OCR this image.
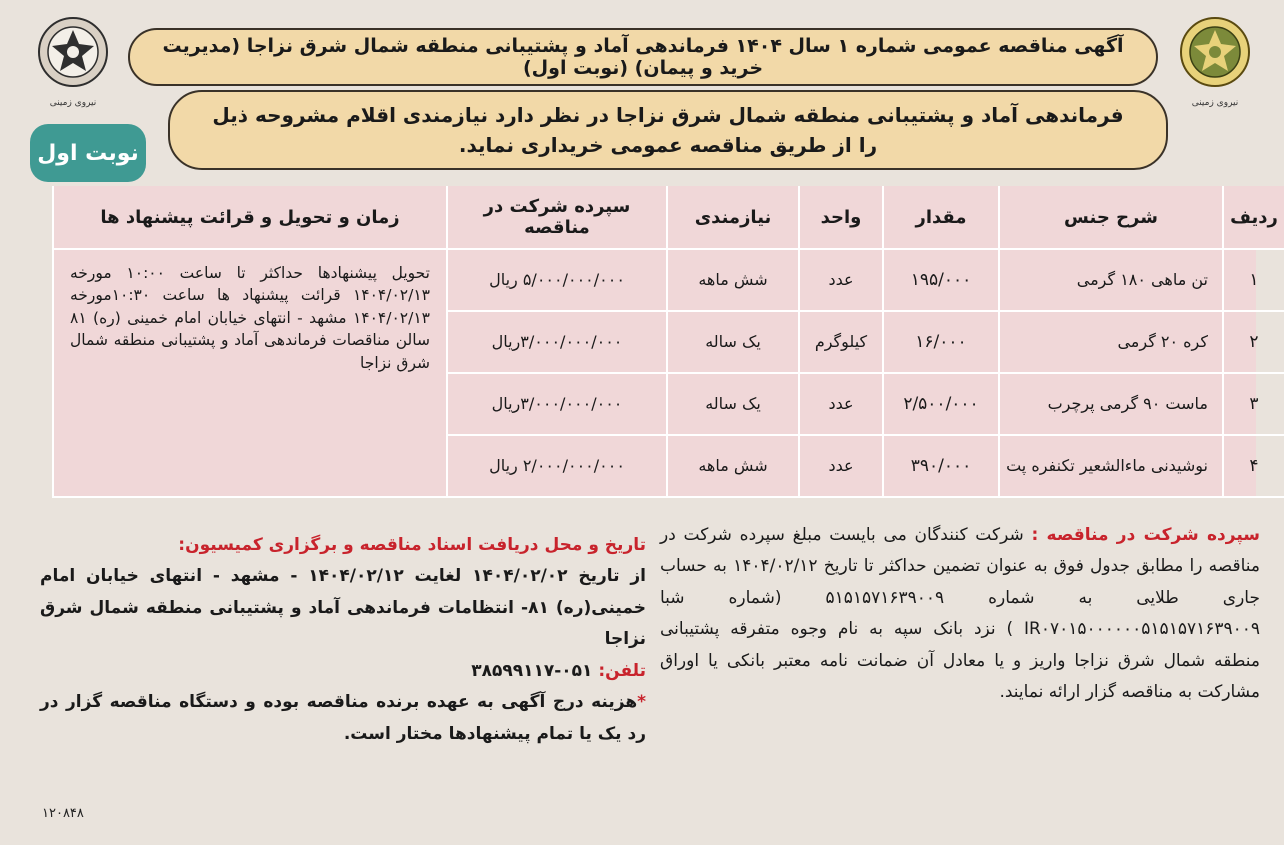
نیروی زمینی	نیروی زمینی
آگهی مناقصه عمومی شماره ۱ سال ۱۴۰۴ فرماندهی آماد و پشتیبانی منطقه شمال شرق نزاجا (مدیریت خرید و پیمان) (نوبت اول)
فرماندهی آماد و پشتیبانی منطقه شمال شرق نزاجا در نظر دارد نیازمندی اقلام مشروحه ذیل را از طریق مناقصه عمومی خریداری نماید.
نوبت اول
ردیف	شرح جنس	مقدار	واحد	نیازمندی	سپرده شرکت در مناقصه	زمان و تحویل و قرائت پیشنهاد ها
۱	تن ماهی ۱۸۰ گرمی	۱۹۵/۰۰۰	عدد	شش ماهه	۵/۰۰۰/۰۰۰/۰۰۰ ریال	تحویل پیشنهادها حداکثر تا ساعت ۱۰:۰۰ مورخه ۱۴۰۴/۰۲/۱۳ قرائت پیشنهاد ها ساعت ۱۰:۳۰مورخه ۱۴۰۴/۰۲/۱۳ مشهد - انتهای خیابان امام خمینی (ره) ۸۱ سالن مناقصات فرماندهی آماد و پشتیبانی منطقه شمال شرق نزاجا
۲	کره ۲۰ گرمی	۱۶/۰۰۰	کیلوگرم	یک ساله	۳/۰۰۰/۰۰۰/۰۰۰ریال	
۳	ماست ۹۰ گرمی پرچرب	۲/۵۰۰/۰۰۰	عدد	یک ساله	۳/۰۰۰/۰۰۰/۰۰۰ریال	
۴	نوشیدنی ماءالشعیر تکنفره پت	۳۹۰/۰۰۰	عدد	شش ماهه	۲/۰۰۰/۰۰۰/۰۰۰ ریال	

سپرده شرکت در مناقصه : شرکت کنندگان می بایست مبلغ سپرده شرکت در مناقصه را مطابق جدول فوق به عنوان تضمین حداکثر تا تاریخ ۱۴۰۴/۰۲/۱۲ به حساب جاری طلایی به شماره ۵۱۵۱۵۷۱۶۳۹۰۰۹ (شماره شبا IR۰۷۰۱۵۰۰۰۰۰۰۵۱۵۱۵۷۱۶۳۹۰۰۹ ) نزد بانک سپه به نام وجوه متفرقه پشتیبانی منطقه شمال شرق نزاجا واریز و یا معادل آن ضمانت نامه معتبر بانکی یا اوراق مشارکت به مناقصه گزار ارائه نمایند.

تاریخ و محل دریافت اسناد مناقصه و برگزاری کمیسیون:

از تاریخ ۱۴۰۴/۰۲/۰۲ لغایت ۱۴۰۴/۰۲/۱۲ - مشهد - انتهای خیابان امام خمینی(ره) ۸۱- انتظامات فرماندهی آماد و پشتیبانی منطقه شمال شرق نزاجا

تلفن: ۰۵۱-۳۸۵۹۹۱۱۷

*هزینه درج آگهی به عهده برنده مناقصه بوده و دستگاه مناقصه گزار در رد یک یا تمام پیشنهادها مختار است.

۱۲۰۸۴۸
